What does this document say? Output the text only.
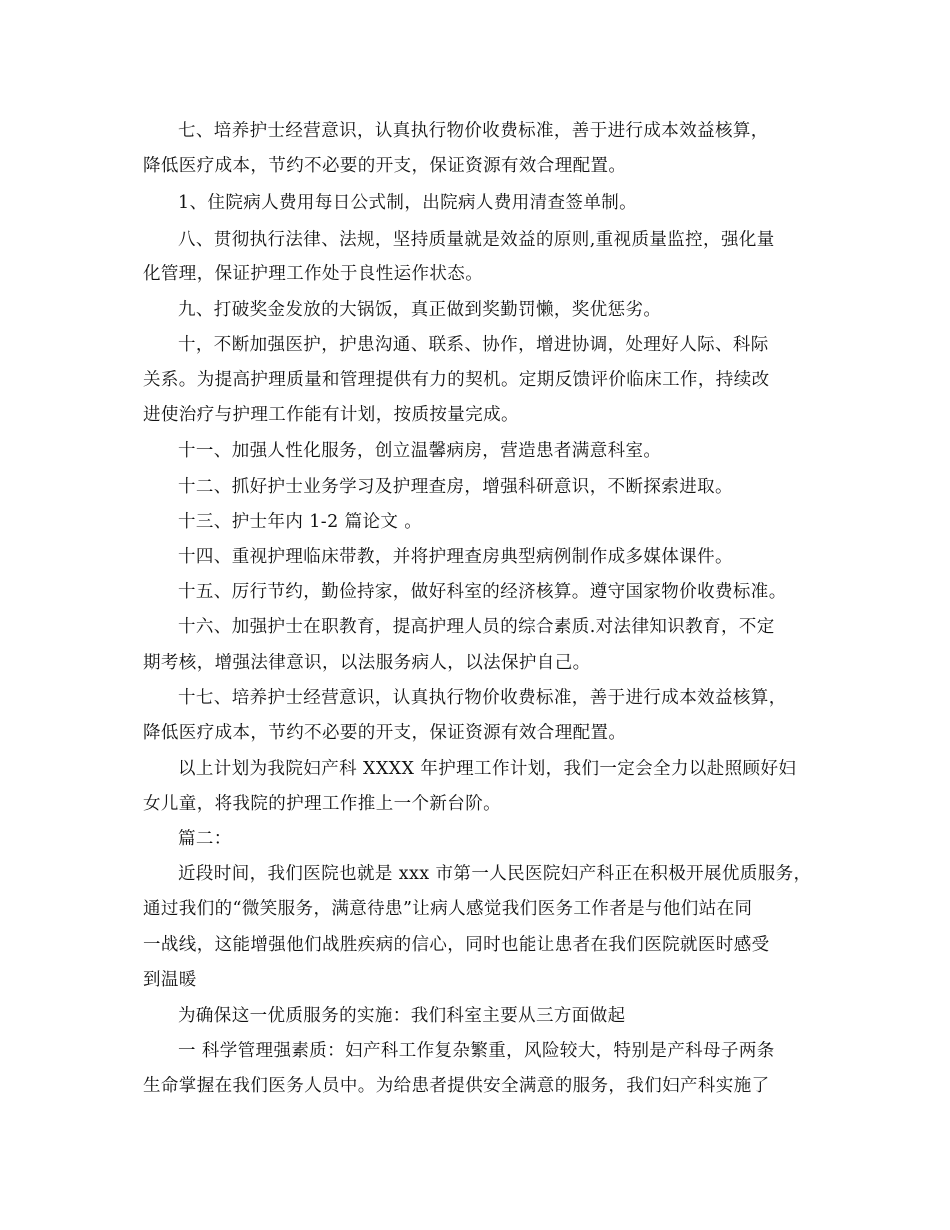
七、培养护士经营意识，认真执行物价收费标准，善于进行成本效益核算，
降低医疗成本，节约不必要的开支，保证资源有效合理配置。
1、住院病人费用每日公式制，出院病人费用清查签单制。
八、贯彻执行法律、法规，坚持质量就是效益的原则,重视质量监控，强化量
化管理，保证护理工作处于良性运作状态。
九、打破奖金发放的大锅饭，真正做到奖勤罚懒，奖优惩劣。
十，不断加强医护，护患沟通、联系、协作，增进协调，处理好人际、科际
关系。为提高护理质量和管理提供有力的契机。定期反馈评价临床工作，持续改
进使治疗与护理工作能有计划，按质按量完成。
十一、加强人性化服务，创立温馨病房，营造患者满意科室。
十二、抓好护士业务学习及护理查房，增强科研意识，不断探索进取。
十三、护士年内 1-2 篇论文 。
十四、重视护理临床带教，并将护理查房典型病例制作成多媒体课件。
十五、厉行节约，勤俭持家，做好科室的经济核算。遵守国家物价收费标准。
十六、加强护士在职教育，提高护理人员的综合素质.对法律知识教育，不定
期考核，增强法律意识，以法服务病人，以法保护自己。
十七、培养护士经营意识，认真执行物价收费标准，善于进行成本效益核算，
降低医疗成本，节约不必要的开支，保证资源有效合理配置。
以上计划为我院妇产科 XXXX 年护理工作计划，我们一定会全力以赴照顾好妇
女儿童，将我院的护理工作推上一个新台阶。
篇二：
近段时间，我们医院也就是 xxx 市第一人民医院妇产科正在积极开展优质服务，
通过我们的“微笑服务，满意待患”让病人感觉我们医务工作者是与他们站在同
一战线，这能增强他们战胜疾病的信心，同时也能让患者在我们医院就医时感受
到温暖
为确保这一优质服务的实施：我们科室主要从三方面做起
一 科学管理强素质：妇产科工作复杂繁重，风险较大，特别是产科母子两条
生命掌握在我们医务人员中。为给患者提供安全满意的服务，我们妇产科实施了
